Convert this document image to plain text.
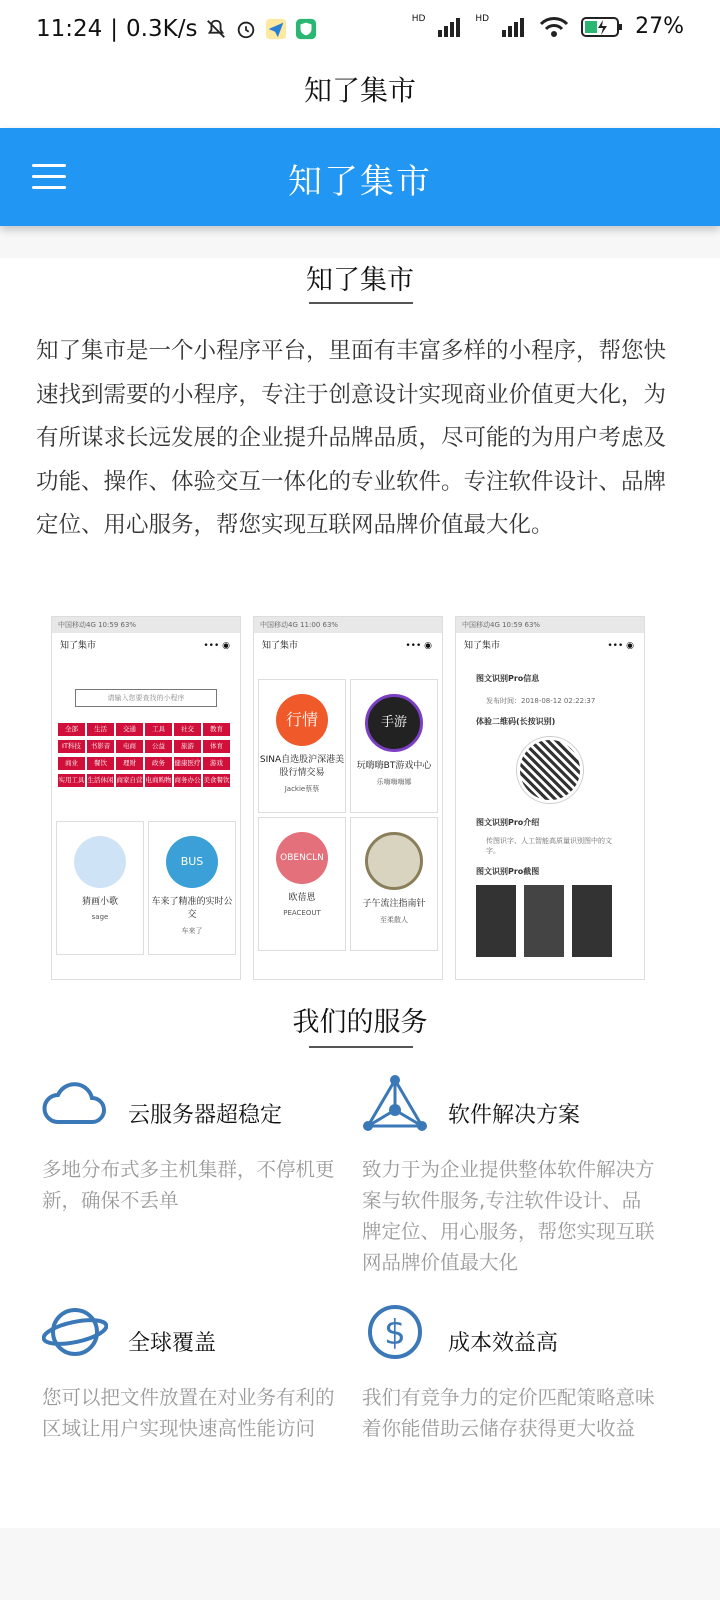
11:24 | 0.3K/s	HD	HD	27%
知了集市
知了集市
知了集市
知了集市是一个小程序平台，里面有丰富多样的小程序，帮您快速找到需要的小程序，专注于创意设计实现商业价值更大化，为有所谋求长远发展的企业提升品牌品质，尽可能的为用户考虑及功能、操作、体验交互一体化的专业软件。专注软件设计、品牌定位、用心服务，帮您实现互联网品牌价值最大化。
中国移动4G 10:59 63%
知了集市	••• ◉
请输入您要查找的小程序
全部	生活	交通	工具	社交	教育
IT科技	书影音	电商	公益	旅游	体育
商业	餐饮	理财	政务	健康医疗	游戏
实用工具 生活休闲 商家自营 电商购物 商务办公 美食餐饮
猜画小歌
sage
BUS
车来了精准的实时公交
车来了
中国移动4G 11:00 63%
知了集市	••• ◉
行情
SINA自选股沪深港美股行情交易
Jackie蔡蔡
手游
玩嗨嗨BT游戏中心
乐嗨嗨嗨娜
OBENCLN
欧蓓恩
PEACEOUT
子午流注指南针
至柔散人
中国移动4G 10:59 63%
知了集市	••• ◉
图文识别Pro信息
发布时间：2018-08-12 02:22:37
体验二维码(长按识别)
图文识别Pro介绍
传图识字、人工智能高质量识别图中的文字。
图文识别Pro截图
我们的服务
云服务器超稳定
多地分布式多主机集群，不停机更新，确保不丢单
软件解决方案
致力于为企业提供整体软件解决方案与软件服务,专注软件设计、品牌定位、用心服务，帮您实现互联网品牌价值最大化
全球覆盖
您可以把文件放置在对业务有利的区域让用户实现快速高性能访问
$ 成本效益高
我们有竞争力的定价匹配策略意味着你能借助云储存获得更大收益
